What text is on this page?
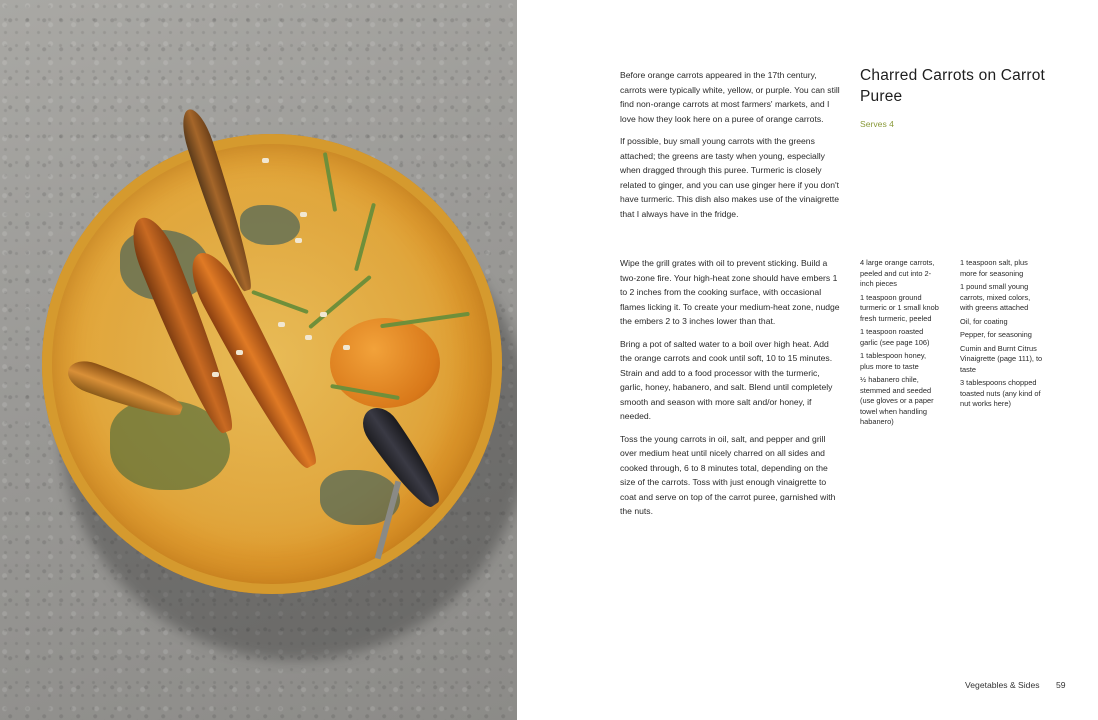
Before orange carrots appeared in the 17th century, carrots were typically white, yellow, or purple. You can still find non-orange carrots at most farmers' markets, and I love how they look here on a puree of orange carrots.

If possible, buy small young carrots with the greens attached; the greens are tasty when young, especially when dragged through this puree. Turmeric is closely related to ginger, and you can use ginger here if you don't have turmeric. This dish also makes use of the vinaigrette that I always have in the fridge.

Charred Carrots on Carrot Puree
Serves 4

Wipe the grill grates with oil to prevent sticking. Build a two-zone fire. Your high-heat zone should have embers 1 to 2 inches from the cooking surface, with occasional flames licking it. To create your medium-heat zone, nudge the embers 2 to 3 inches lower than that.

Bring a pot of salted water to a boil over high heat. Add the orange carrots and cook until soft, 10 to 15 minutes. Strain and add to a food processor with the turmeric, garlic, honey, habanero, and salt. Blend until completely smooth and season with more salt and/or honey, if needed.

Toss the young carrots in oil, salt, and pepper and grill over medium heat until nicely charred on all sides and cooked through, 6 to 8 minutes total, depending on the size of the carrots. Toss with just enough vinaigrette to coat and serve on top of the carrot puree, garnished with the nuts.

4 large orange carrots, peeled and cut into 2-inch pieces
1 teaspoon ground turmeric or 1 small knob fresh turmeric, peeled
1 teaspoon roasted garlic (see page 106)
1 tablespoon honey, plus more to taste
½ habanero chile, stemmed and seeded (use gloves or a paper towel when handling habanero)
1 teaspoon salt, plus more for seasoning
1 pound small young carrots, mixed colors, with greens attached
Oil, for coating
Pepper, for seasoning
Cumin and Burnt Citrus Vinaigrette (page 111), to taste
3 tablespoons chopped toasted nuts (any kind of nut works here)
Vegetables & Sides 59
